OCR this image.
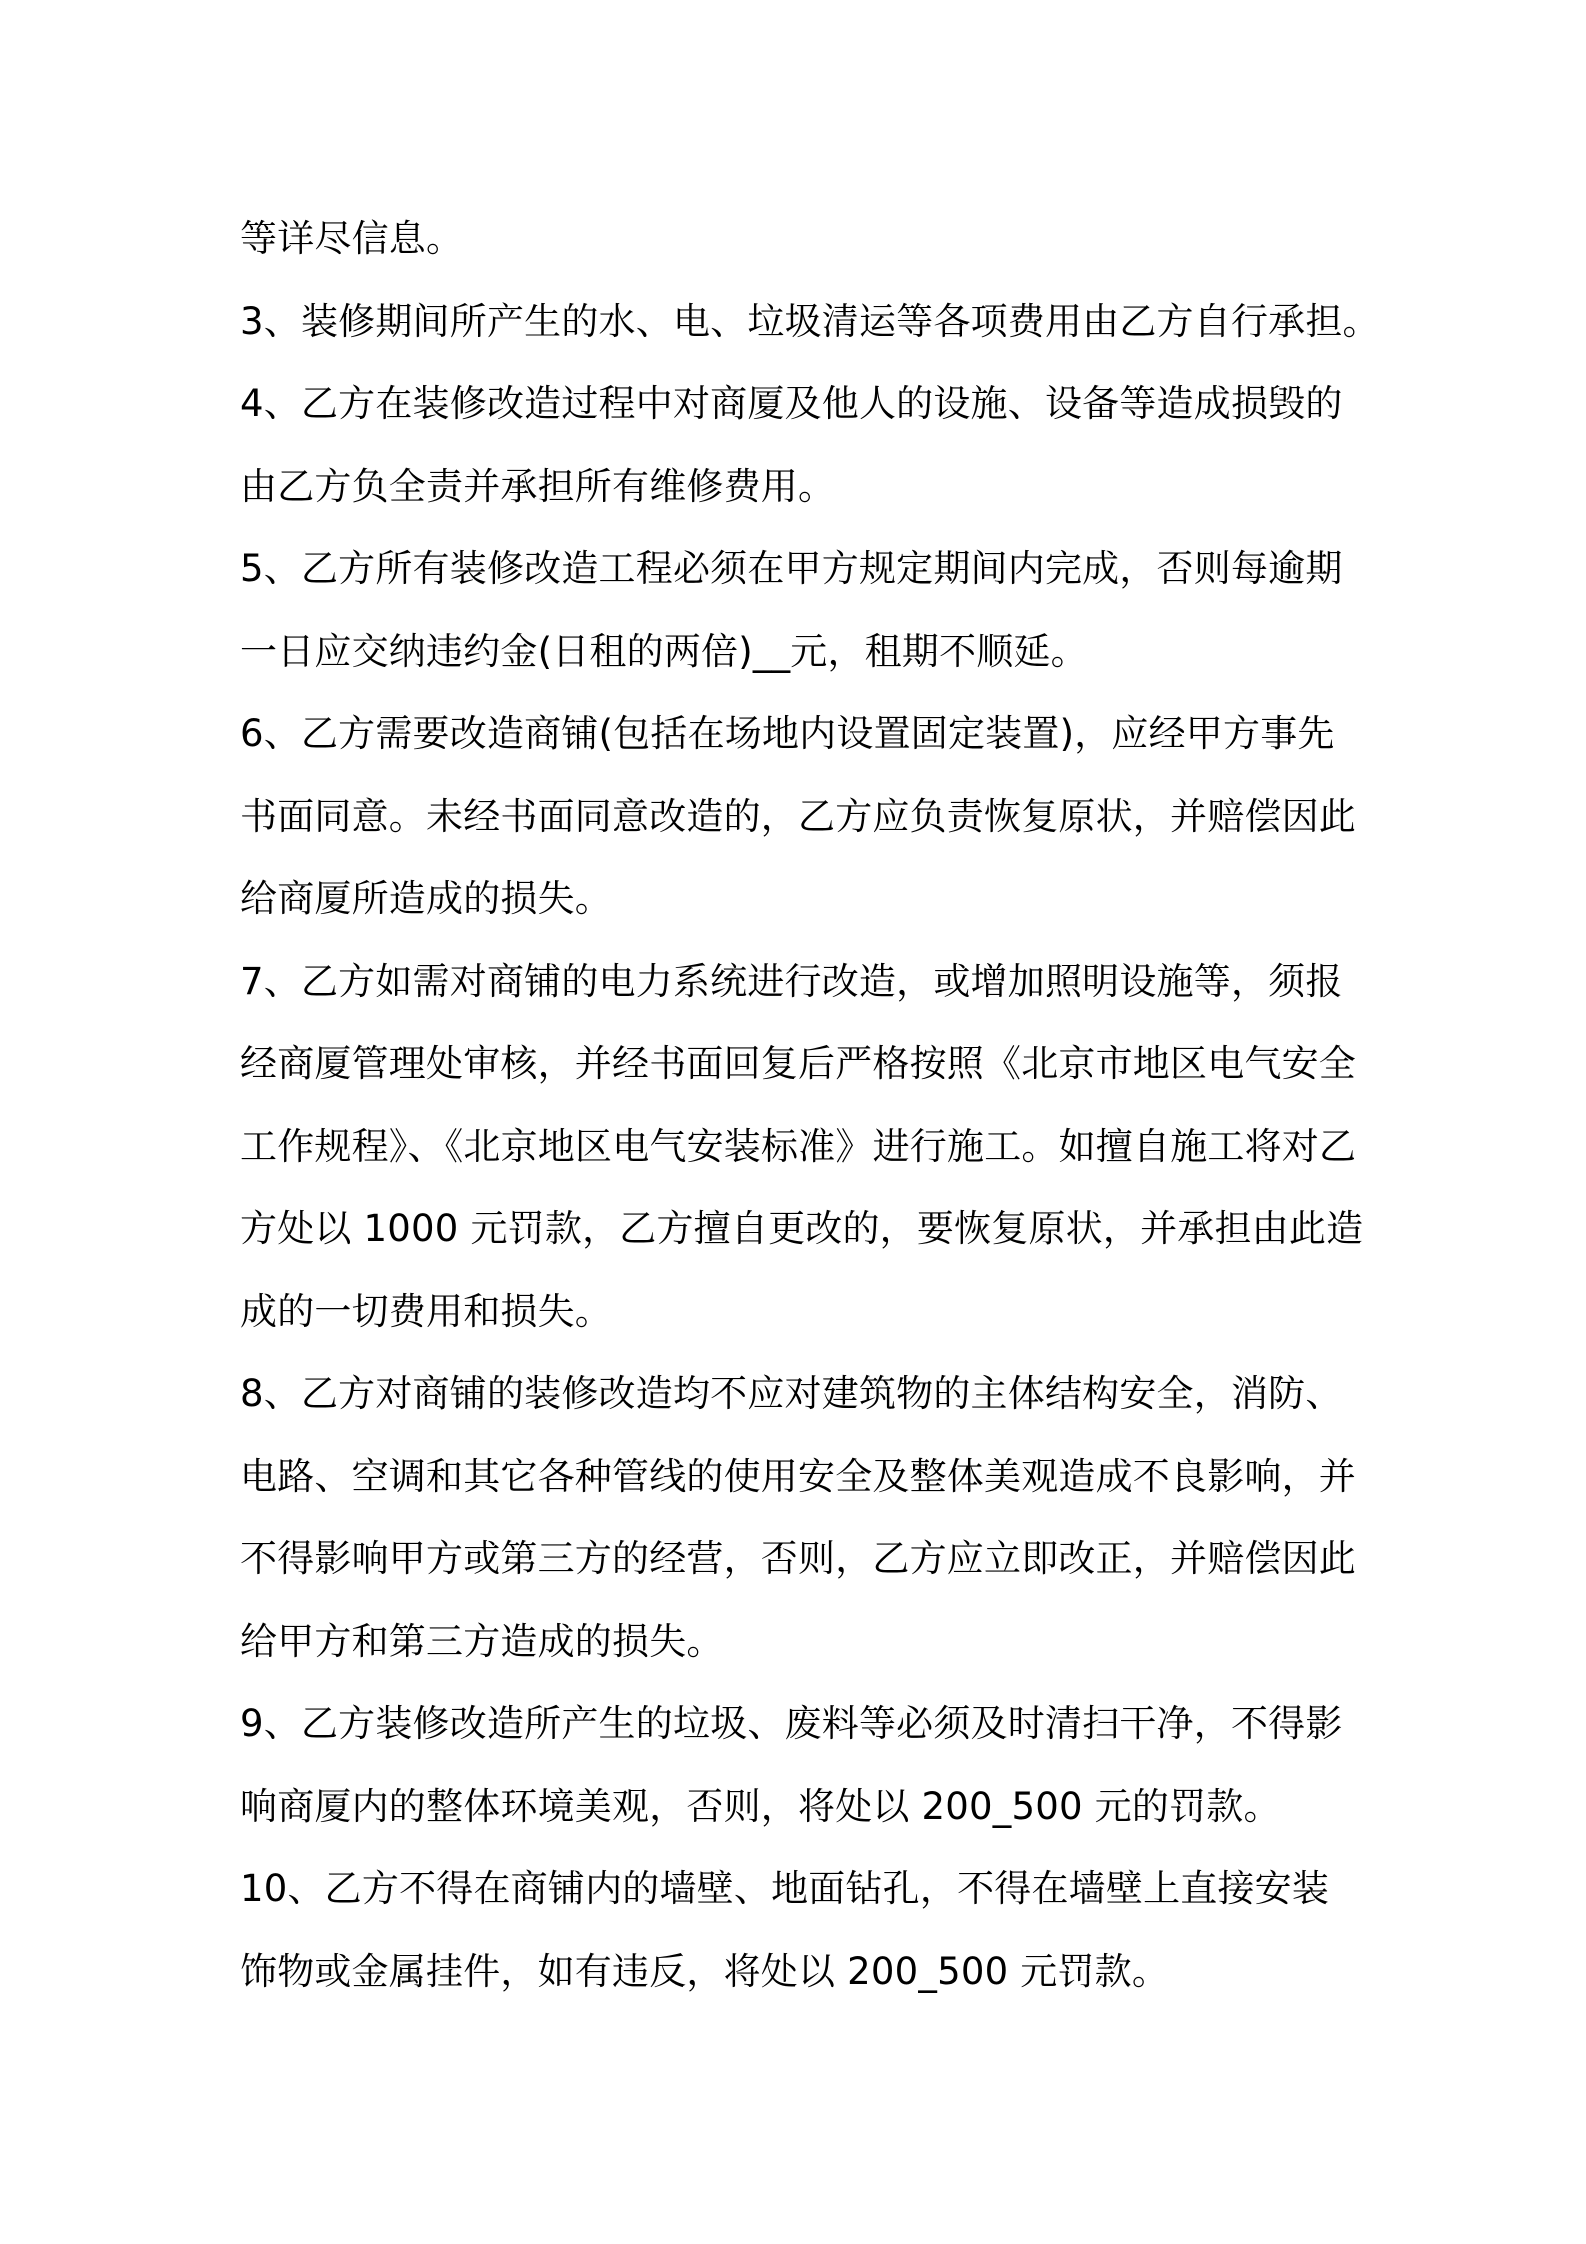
等详尽信息。
3、装修期间所产生的水、电、垃圾清运等各项费用由乙方自行承担。
4、乙方在装修改造过程中对商厦及他人的设施、设备等造成损毁的
由乙方负全责并承担所有维修费用。
5、乙方所有装修改造工程必须在甲方规定期间内完成，否则每逾期
一日应交纳违约金(日租的两倍)__元，租期不顺延。
6、乙方需要改造商铺(包括在场地内设置固定装置)，应经甲方事先
书面同意。未经书面同意改造的，乙方应负责恢复原状，并赔偿因此
给商厦所造成的损失。
7、乙方如需对商铺的电力系统进行改造，或增加照明设施等，须报
经商厦管理处审核，并经书面回复后严格按照《北京市地区电气安全
工作规程》、《北京地区电气安装标准》进行施工。如擅自施工将对乙
方处以 1000 元罚款，乙方擅自更改的，要恢复原状，并承担由此造
成的一切费用和损失。
8、乙方对商铺的装修改造均不应对建筑物的主体结构安全，消防、
电路、空调和其它各种管线的使用安全及整体美观造成不良影响，并
不得影响甲方或第三方的经营，否则，乙方应立即改正，并赔偿因此
给甲方和第三方造成的损失。
9、乙方装修改造所产生的垃圾、废料等必须及时清扫干净，不得影
响商厦内的整体环境美观，否则，将处以 200_500 元的罚款。
10、乙方不得在商铺内的墙壁、地面钻孔，不得在墙壁上直接安装
饰物或金属挂件，如有违反，将处以 200_500 元罚款。
